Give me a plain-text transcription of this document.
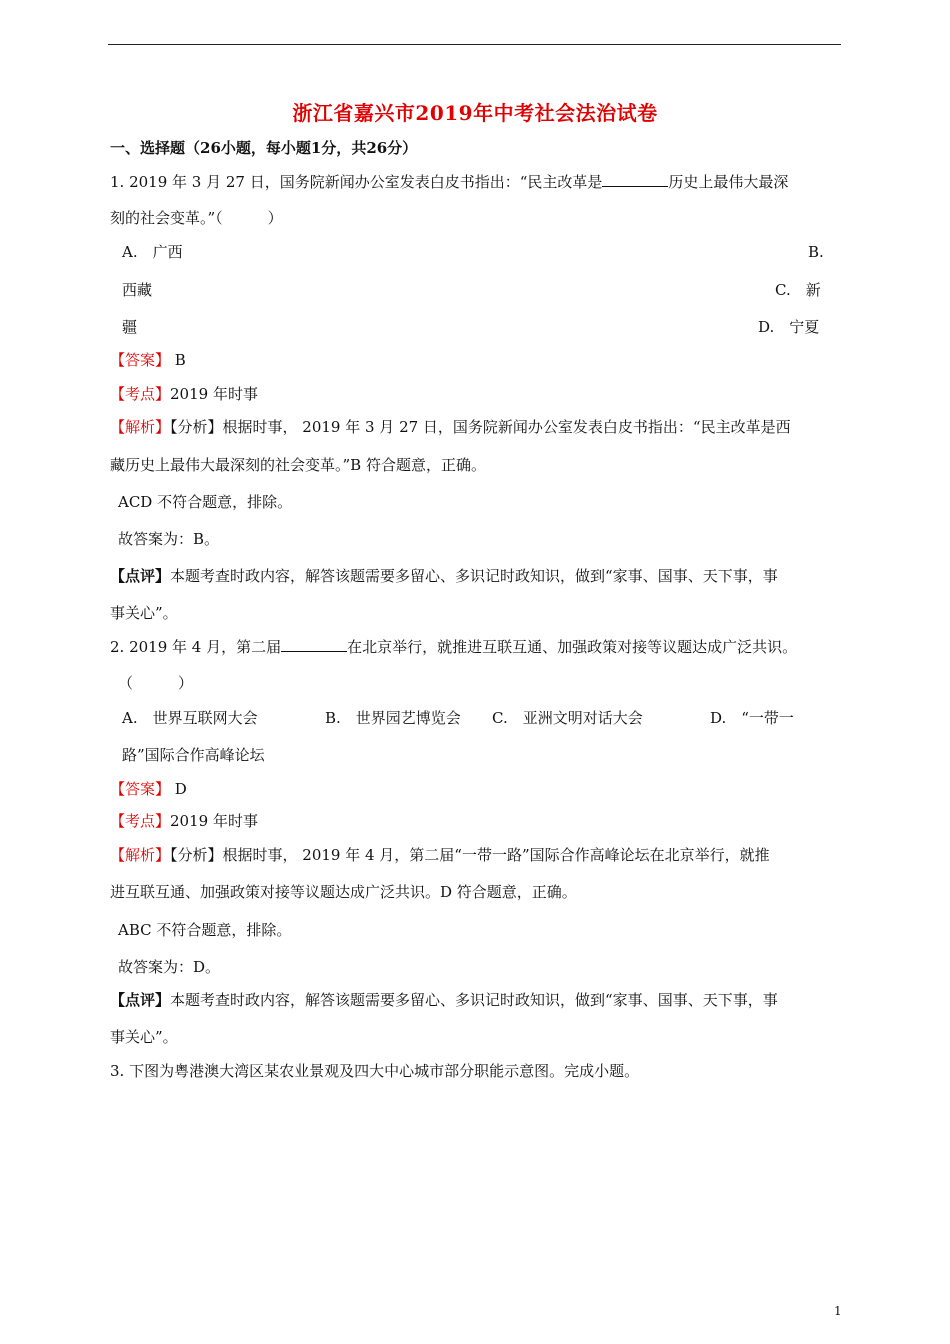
浙江省嘉兴市2019年中考社会法治试卷
一、选择题（26小题，每小题1分，共26分）
1. 2019 年 3 月 27 日，国务院新闻办公室发表白皮书指出：“民主改革是	历史上最伟大最深
刻的社会变革。”（　　　）
A.　广西	B.
西藏	C.　新
疆	D.　宁夏
【答案】 B
【考点】2019 年时事
【解析】【分析】根据时事， 2019 年 3 月 27 日，国务院新闻办公室发表白皮书指出：“民主改革是西
藏历史上最伟大最深刻的社会变革。”B 符合题意，正确。
ACD 不符合题意，排除。
故答案为：B。
【点评】本题考查时政内容，解答该题需要多留心、多识记时政知识，做到“家事、国事、天下事，事
事关心”。
2. 2019 年 4 月，第二届	在北京举行，就推进互联互通、加强政策对接等议题达成广泛共识。
（　　　）
A.　世界互联网大会	B.　世界园艺博览会 C.　亚洲文明对话大会	D.　“一带一
路”国际合作高峰论坛
【答案】 D
【考点】2019 年时事
【解析】【分析】根据时事， 2019 年 4 月，第二届“一带一路”国际合作高峰论坛在北京举行，就推
进互联互通、加强政策对接等议题达成广泛共识。D 符合题意，正确。
ABC 不符合题意，排除。
故答案为：D。
【点评】本题考查时政内容，解答该题需要多留心、多识记时政知识，做到“家事、国事、天下事，事
事关心”。
3. 下图为粤港澳大湾区某农业景观及四大中心城市部分职能示意图。完成小题。
1
